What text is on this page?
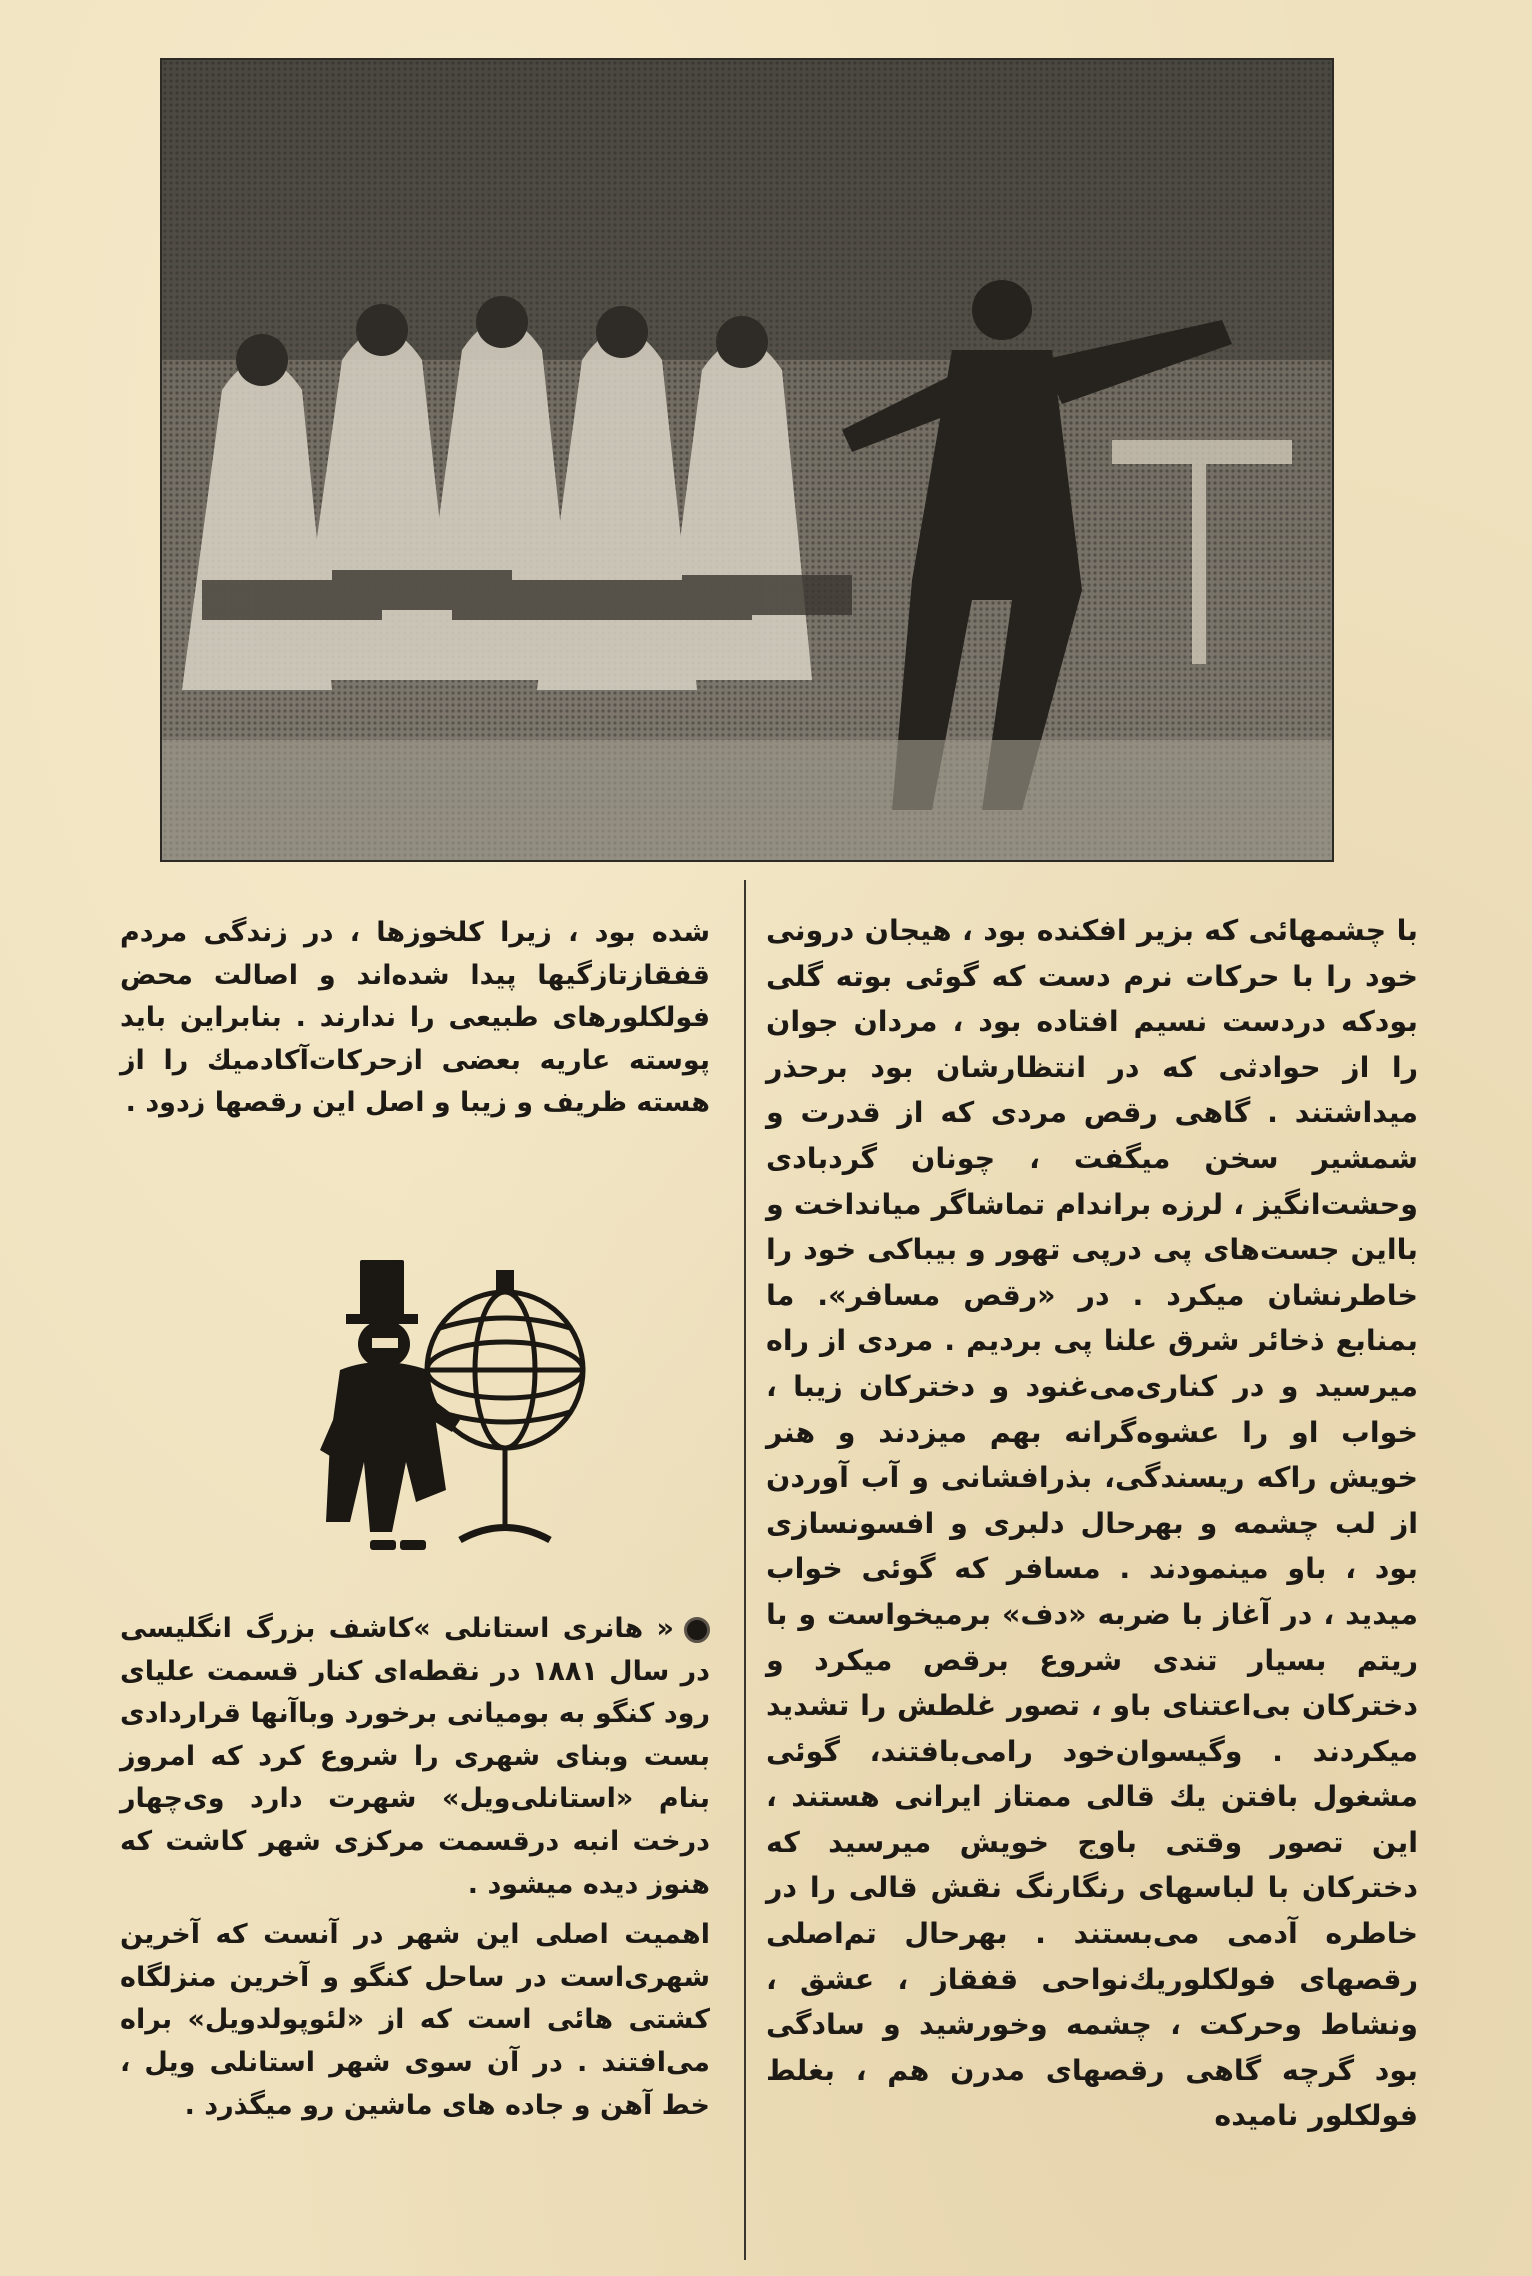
با چشمهائی که بزیر افکنده بود ، هیجان درونی خود را با حرکات نرم دست که گوئی بوته گلی بودکه دردست نسیم افتاده بود ، مردان جوان را از حوادثی که در انتظارشان بود برحذر میداشتند . گاهی رقص مردی که از قدرت و شمشیر سخن میگفت ، چونان گردبادی وحشت‌انگیز ، لرزه براندام تماشاگر میانداخت و بااین جست‌های پی درپی تهور و بیباکی خود را خاطرنشان میکرد . در «رقص مسافر». ما بمنابع ذخائر شرق علنا پی بردیم . مردی از راه میرسید و در کناری‌می‌غنود و دخترکان زیبا ، خواب او را عشوه‌گرانه بهم میزدند و هنر خویش راکه ریسندگی، بذرافشانی و آب آوردن از لب چشمه و بهرحال دلبری و افسونسازی بود ، باو مینمودند . مسافر که گوئی خواب میدید ، در آغاز با ضربه «دف» برمیخواست و با ریتم بسیار تندی شروع برقص میکرد و دخترکان بی‌اعتنای باو ، تصور غلطش را تشدید میکردند . وگیسوان‌خود رامی‌بافتند، گوئی مشغول بافتن یك قالی ممتاز ایرانی هستند ، این تصور وقتی باوج خویش میرسید که دخترکان با لباسهای رنگارنگ نقش قالی را در خاطره آدمی می‌بستند . بهرحال تم‌اصلی رقصهای فولکلوریك‌نواحی قفقاز ، عشق ، ونشاط وحرکت ، چشمه وخورشید و سادگی بود گرچه گاهی رقصهای مدرن هم ، بغلط فولکلور نامیده

شده بود ، زیرا کلخوزها ، در زندگی مردم قفقازتازگیها پیدا شده‌اند و اصالت محض فولکلورهای طبیعی را ندارند . بنابراین باید پوسته عاریه بعضی ازحرکات‌آکادمیك را از هسته ظریف و زیبا و اصل این رقصها زدود .

« هانری استانلی »کاشف بزرگ انگلیسی در سال ۱۸۸۱ در نقطه‌ای کنار قسمت علیای رود کنگو به بومیانی برخورد وباآنها قراردادی بست وبنای شهری را شروع کرد که امروز بنام «استانلی‌ویل» شهرت دارد وی‌چهار درخت انبه درقسمت مرکزی شهر کاشت که هنوز دیده میشود .

اهمیت اصلی این شهر در آنست که آخرین شهری‌است در ساحل کنگو و آخرین منزلگاه کشتی هائی است که از «لئوپولدویل» براه می‌افتند . در آن سوی شهر استانلی ویل ، خط آهن و جاده های ماشین رو میگذرد .
